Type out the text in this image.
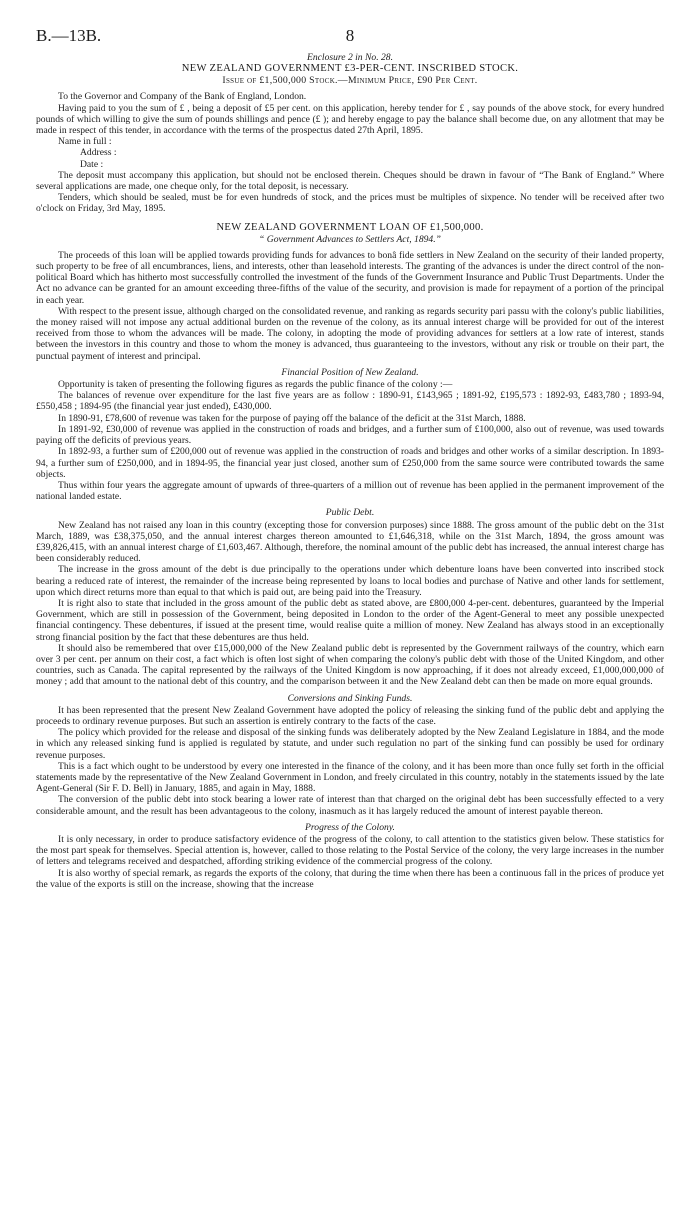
B.—13B.	8
Enclosure 2 in No. 28.
NEW ZEALAND GOVERNMENT £3-PER-CENT. INSCRIBED STOCK.
Issue of £1,500,000 Stock.—Minimum Price, £90 Per Cent.

To the Governor and Company of the Bank of England, London.

Having paid to you the sum of £ , being a deposit of £5 per cent. on this application, hereby tender for £ , say pounds of the above stock, for every hundred pounds of which willing to give the sum of pounds shillings and pence (£ ); and hereby engage to pay the balance shall become due, on any allotment that may be made in respect of this tender, in accordance with the terms of the prospectus dated 27th April, 1895.

Name in full :
Address :
Date :

The deposit must accompany this application, but should not be enclosed therein. Cheques should be drawn in favour of “The Bank of England.” Where several applications are made, one cheque only, for the total deposit, is necessary.

Tenders, which should be sealed, must be for even hundreds of stock, and the prices must be multiples of sixpence. No tender will be received after two o'clock on Friday, 3rd May, 1895.

NEW ZEALAND GOVERNMENT LOAN OF £1,500,000.
“ Government Advances to Settlers Act, 1894.”

The proceeds of this loan will be applied towards providing funds for advances to bonâ fide settlers in New Zealand on the security of their landed property, such property to be free of all encumbrances, liens, and interests, other than leasehold interests. The granting of the advances is under the direct control of the non-political Board which has hitherto most successfully controlled the investment of the funds of the Government Insurance and Public Trust Departments. Under the Act no advance can be granted for an amount exceeding three-fifths of the value of the security, and provision is made for repayment of a portion of the principal in each year.

With respect to the present issue, although charged on the consolidated revenue, and ranking as regards security pari passu with the colony's public liabilities, the money raised will not impose any actual additional burden on the revenue of the colony, as its annual interest charge will be provided for out of the interest received from those to whom the advances will be made. The colony, in adopting the mode of providing advances for settlers at a low rate of interest, stands between the investors in this country and those to whom the money is advanced, thus guaranteeing to the investors, without any risk or trouble on their part, the punctual payment of interest and principal.

Financial Position of New Zealand.

Opportunity is taken of presenting the following figures as regards the public finance of the colony :—

The balances of revenue over expenditure for the last five years are as follow : 1890-91, £143,965 ; 1891-92, £195,573 : 1892-93, £483,780 ; 1893-94, £550,458 ; 1894-95 (the financial year just ended), £430,000.

In 1890-91, £78,600 of revenue was taken for the purpose of paying off the balance of the deficit at the 31st March, 1888.

In 1891-92, £30,000 of revenue was applied in the construction of roads and bridges, and a further sum of £100,000, also out of revenue, was used towards paying off the deficits of previous years.

In 1892-93, a further sum of £200,000 out of revenue was applied in the construction of roads and bridges and other works of a similar description. In 1893-94, a further sum of £250,000, and in 1894-95, the financial year just closed, another sum of £250,000 from the same source were contributed towards the same objects.

Thus within four years the aggregate amount of upwards of three-quarters of a million out of revenue has been applied in the permanent improvement of the national landed estate.

Public Debt.

New Zealand has not raised any loan in this country (excepting those for conversion purposes) since 1888. The gross amount of the public debt on the 31st March, 1889, was £38,375,050, and the annual interest charges thereon amounted to £1,646,318, while on the 31st March, 1894, the gross amount was £39,826,415, with an annual interest charge of £1,603,467. Although, therefore, the nominal amount of the public debt has increased, the annual interest charge has been considerably reduced.

The increase in the gross amount of the debt is due principally to the operations under which debenture loans have been converted into inscribed stock bearing a reduced rate of interest, the remainder of the increase being represented by loans to local bodies and purchase of Native and other lands for settlement, upon which direct returns more than equal to that which is paid out, are being paid into the Treasury.

It is right also to state that included in the gross amount of the public debt as stated above, are £800,000 4-per-cent. debentures, guaranteed by the Imperial Government, which are still in possession of the Government, being deposited in London to the order of the Agent-General to meet any possible unexpected financial contingency. These debentures, if issued at the present time, would realise quite a million of money. New Zealand has always stood in an exceptionally strong financial position by the fact that these debentures are thus held.

It should also be remembered that over £15,000,000 of the New Zealand public debt is represented by the Government railways of the country, which earn over 3 per cent. per annum on their cost, a fact which is often lost sight of when comparing the colony's public debt with those of the United Kingdom, and other countries, such as Canada. The capital represented by the railways of the United Kingdom is now approaching, if it does not already exceed, £1,000,000,000 of money ; add that amount to the national debt of this country, and the comparison between it and the New Zealand debt can then be made on more equal grounds.

Conversions and Sinking Funds.

It has been represented that the present New Zealand Government have adopted the policy of releasing the sinking fund of the public debt and applying the proceeds to ordinary revenue purposes. But such an assertion is entirely contrary to the facts of the case.

The policy which provided for the release and disposal of the sinking funds was deliberately adopted by the New Zealand Legislature in 1884, and the mode in which any released sinking fund is applied is regulated by statute, and under such regulation no part of the sinking fund can possibly be used for ordinary revenue purposes.

This is a fact which ought to be understood by every one interested in the finance of the colony, and it has been more than once fully set forth in the official statements made by the representative of the New Zealand Government in London, and freely circulated in this country, notably in the statements issued by the late Agent-General (Sir F. D. Bell) in January, 1885, and again in May, 1888.

The conversion of the public debt into stock bearing a lower rate of interest than that charged on the original debt has been successfully effected to a very considerable amount, and the result has been advantageous to the colony, inasmuch as it has largely reduced the amount of interest payable thereon.

Progress of the Colony.

It is only necessary, in order to produce satisfactory evidence of the progress of the colony, to call attention to the statistics given below. These statistics for the most part speak for themselves. Special attention is, however, called to those relating to the Postal Service of the colony, the very large increases in the number of letters and telegrams received and despatched, affording striking evidence of the commercial progress of the colony.

It is also worthy of special remark, as regards the exports of the colony, that during the time when there has been a continuous fall in the prices of produce yet the value of the exports is still on the increase, showing that the increase
